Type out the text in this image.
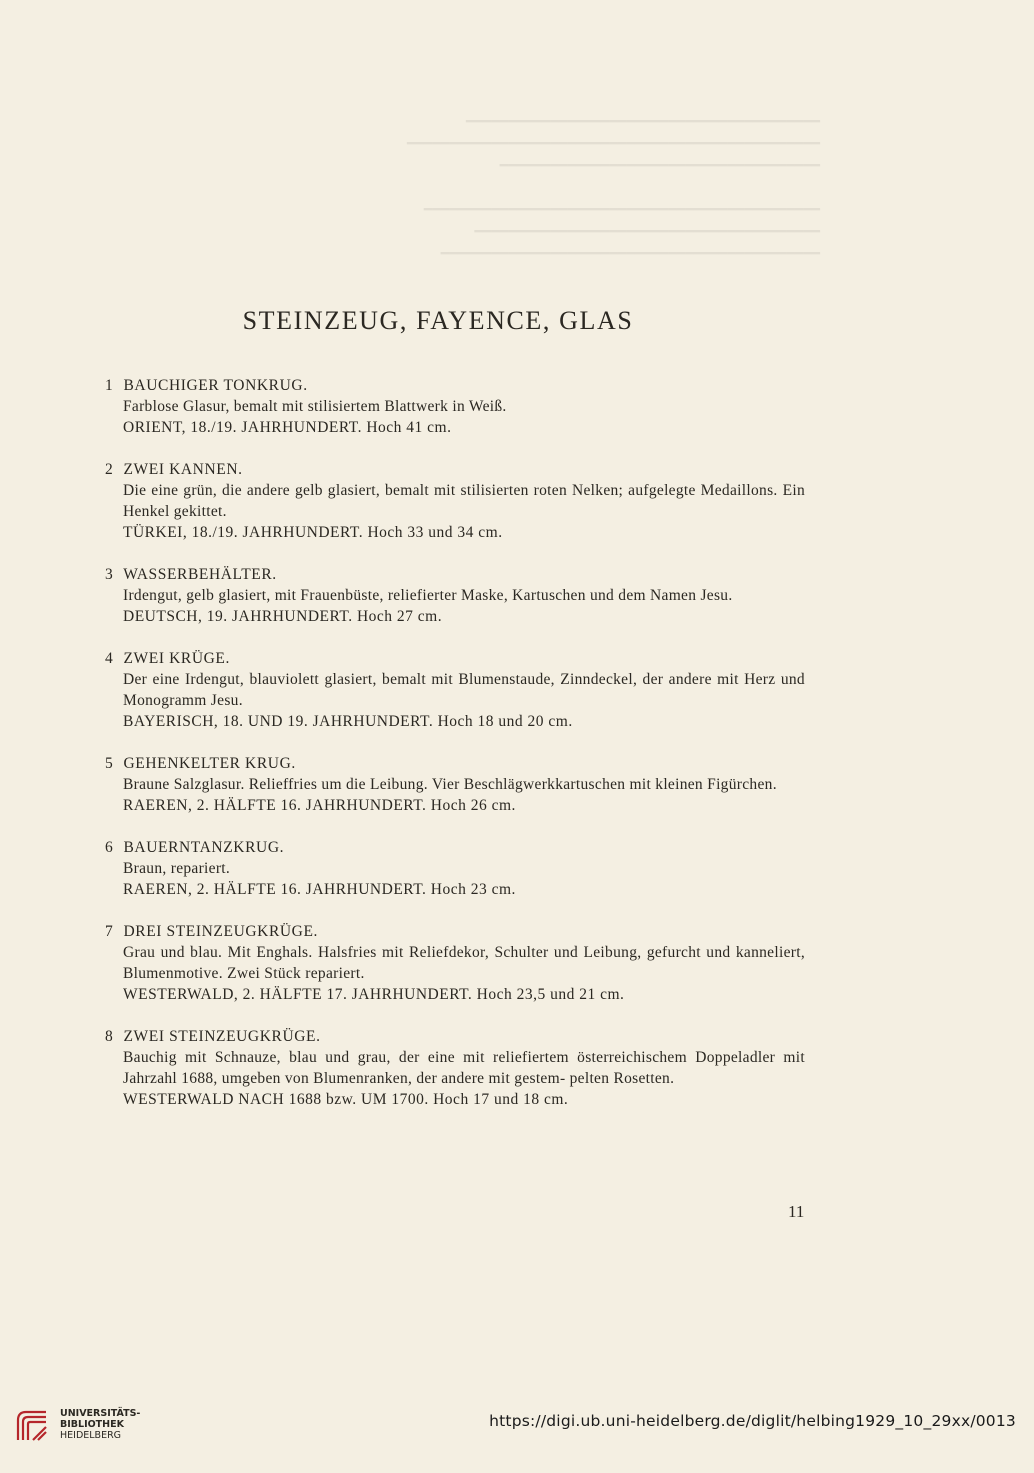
━━━━━━━━━━━━━━━━━━━━━━━━━━━━━━━━━━━━━━━━━━
━━━━━━━━━━━━━━━━━━━━━━━━━━━━━━━━━━━━━━━━━━━━━━━━━
━━━━━━━━━━━━━━━━━━━━━━━━━━━━━━━━━━━━━━

━━━━━━━━━━━━━━━━━━━━━━━━━━━━━━━━━━━━━━━━━━━━━━━
━━━━━━━━━━━━━━━━━━━━━━━━━━━━━━━━━━━━━━━━━
━━━━━━━━━━━━━━━━━━━━━━━━━━━━━━━━━━━━━━━━━━━━━
STEINZEUG, FAYENCE, GLAS
1 BAUCHIGER TONKRUG.
Farblose Glasur, bemalt mit stilisiertem Blattwerk in Weiß.
ORIENT, 18./19. JAHRHUNDERT. Hoch 41 cm.
2 ZWEI KANNEN.
Die eine grün, die andere gelb glasiert, bemalt mit stilisierten roten Nelken; aufgelegte Medaillons. Ein Henkel gekittet.
TÜRKEI, 18./19. JAHRHUNDERT. Hoch 33 und 34 cm.
3 WASSERBEHÄLTER.
Irdengut, gelb glasiert, mit Frauenbüste, reliefierter Maske, Kartuschen und dem Namen Jesu.
DEUTSCH, 19. JAHRHUNDERT. Hoch 27 cm.
4 ZWEI KRÜGE.
Der eine Irdengut, blauviolett glasiert, bemalt mit Blumenstaude, Zinndeckel, der andere mit Herz und Monogramm Jesu.
BAYERISCH, 18. UND 19. JAHRHUNDERT. Hoch 18 und 20 cm.
5 GEHENKELTER KRUG.
Braune Salzglasur. Relieffries um die Leibung. Vier Beschlägwerkkartuschen mit kleinen Figürchen.
RAEREN, 2. HÄLFTE 16. JAHRHUNDERT. Hoch 26 cm.
6 BAUERNTANZKRUG.
Braun, repariert.
RAEREN, 2. HÄLFTE 16. JAHRHUNDERT. Hoch 23 cm.
7 DREI STEINZEUGKRÜGE.
Grau und blau. Mit Enghals. Halsfries mit Reliefdekor, Schulter und Leibung, gefurcht und kanneliert, Blumenmotive. Zwei Stück repariert.
WESTERWALD, 2. HÄLFTE 17. JAHRHUNDERT. Hoch 23,5 und 21 cm.
8 ZWEI STEINZEUGKRÜGE.
Bauchig mit Schnauze, blau und grau, der eine mit reliefiertem österreichischem Doppeladler mit Jahrzahl 1688, umgeben von Blumenranken, der andere mit gestem- pelten Rosetten.
WESTERWALD NACH 1688 bzw. UM 1700. Hoch 17 und 18 cm.
11
UNIVERSITÄTS-
BIBLIOTHEK
HEIDELBERG
https://digi.ub.uni-heidelberg.de/diglit/helbing1929_10_29xx/0013
